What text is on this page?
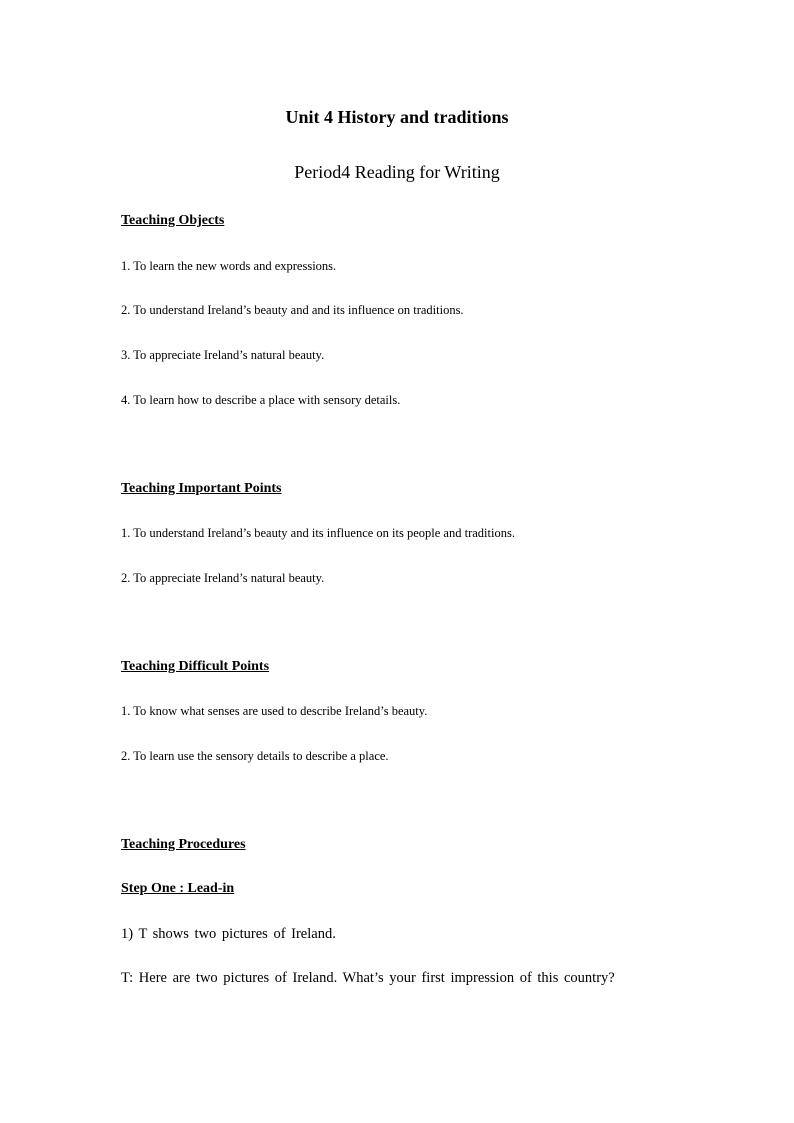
Unit 4 History and traditions
Period4 Reading for Writing
Teaching Objects
1. To learn the new words and expressions.
2. To understand Ireland’s beauty and and its influence on traditions.
3. To appreciate Ireland’s natural beauty.
4. To learn how to describe a place with sensory details.
Teaching Important Points
1. To understand Ireland’s beauty and its influence on its people and traditions.
2. To appreciate Ireland’s natural beauty.
Teaching Difficult Points
1. To know what senses are used to describe Ireland’s beauty.
2. To learn use the sensory details to describe a place.
Teaching Procedures
Step One : Lead-in
1) T shows two pictures of Ireland.
T: Here are two pictures of Ireland. What’s your first impression of this country?
